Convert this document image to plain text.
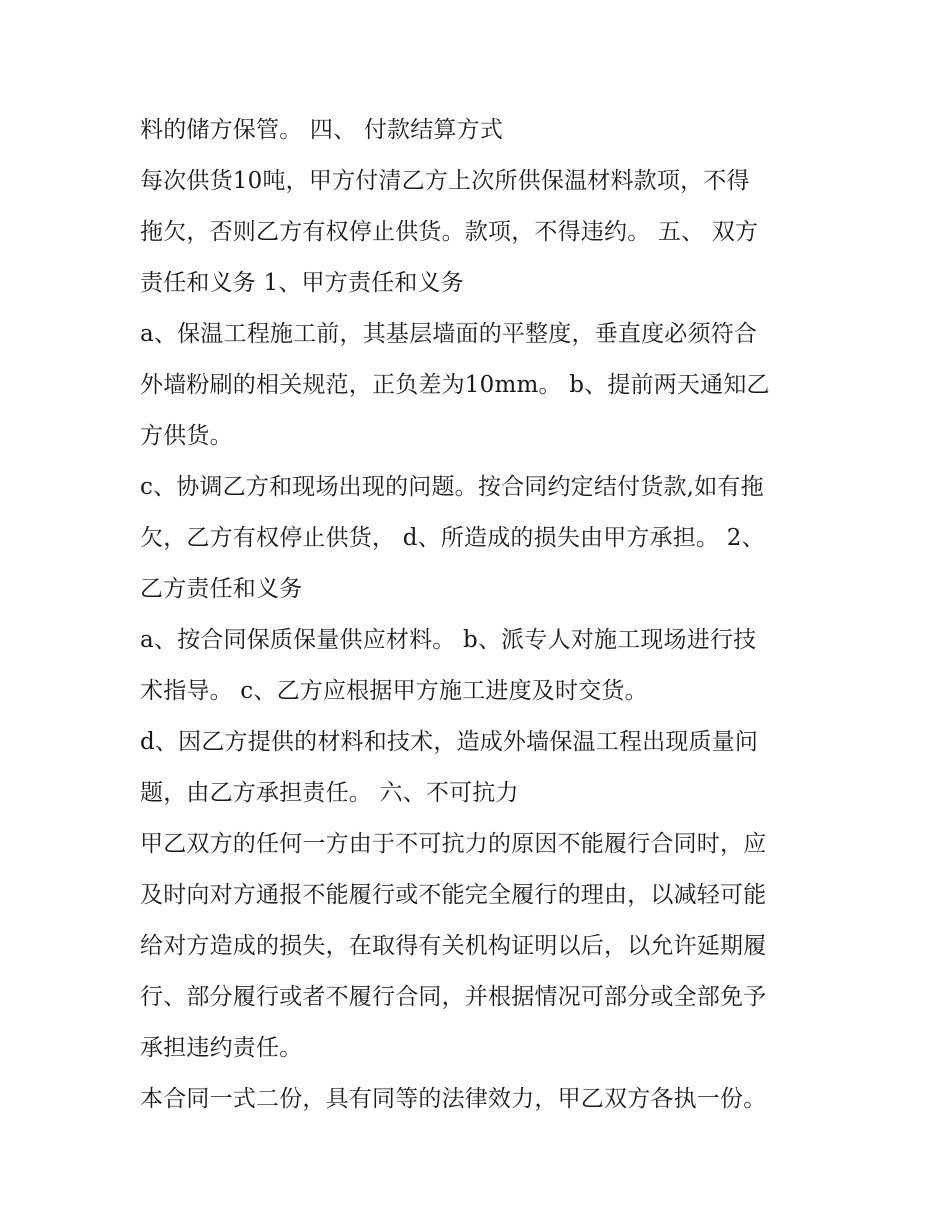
料的储方保管。 四、 付款结算方式
每次供货10吨，甲方付清乙方上次所供保温材料款项，不得
拖欠，否则乙方有权停止供货。款项，不得违约。 五、 双方
责任和义务 1、甲方责任和义务
a、保温工程施工前，其基层墙面的平整度，垂直度必须符合
外墙粉刷的相关规范，正负差为10mm。 b、提前两天通知乙
方供货。
c、协调乙方和现场出现的问题。按合同约定结付货款,如有拖
欠，乙方有权停止供货， d、所造成的损失由甲方承担。 2、
乙方责任和义务
a、按合同保质保量供应材料。 b、派专人对施工现场进行技
术指导。 c、乙方应根据甲方施工进度及时交货。
d、因乙方提供的材料和技术，造成外墙保温工程出现质量问
题，由乙方承担责任。 六、不可抗力
甲乙双方的任何一方由于不可抗力的原因不能履行合同时，应
及时向对方通报不能履行或不能完全履行的理由，以减轻可能
给对方造成的损失，在取得有关机构证明以后，以允许延期履
行、部分履行或者不履行合同，并根据情况可部分或全部免予
承担违约责任。
本合同一式二份，具有同等的法律效力，甲乙双方各执一份。
